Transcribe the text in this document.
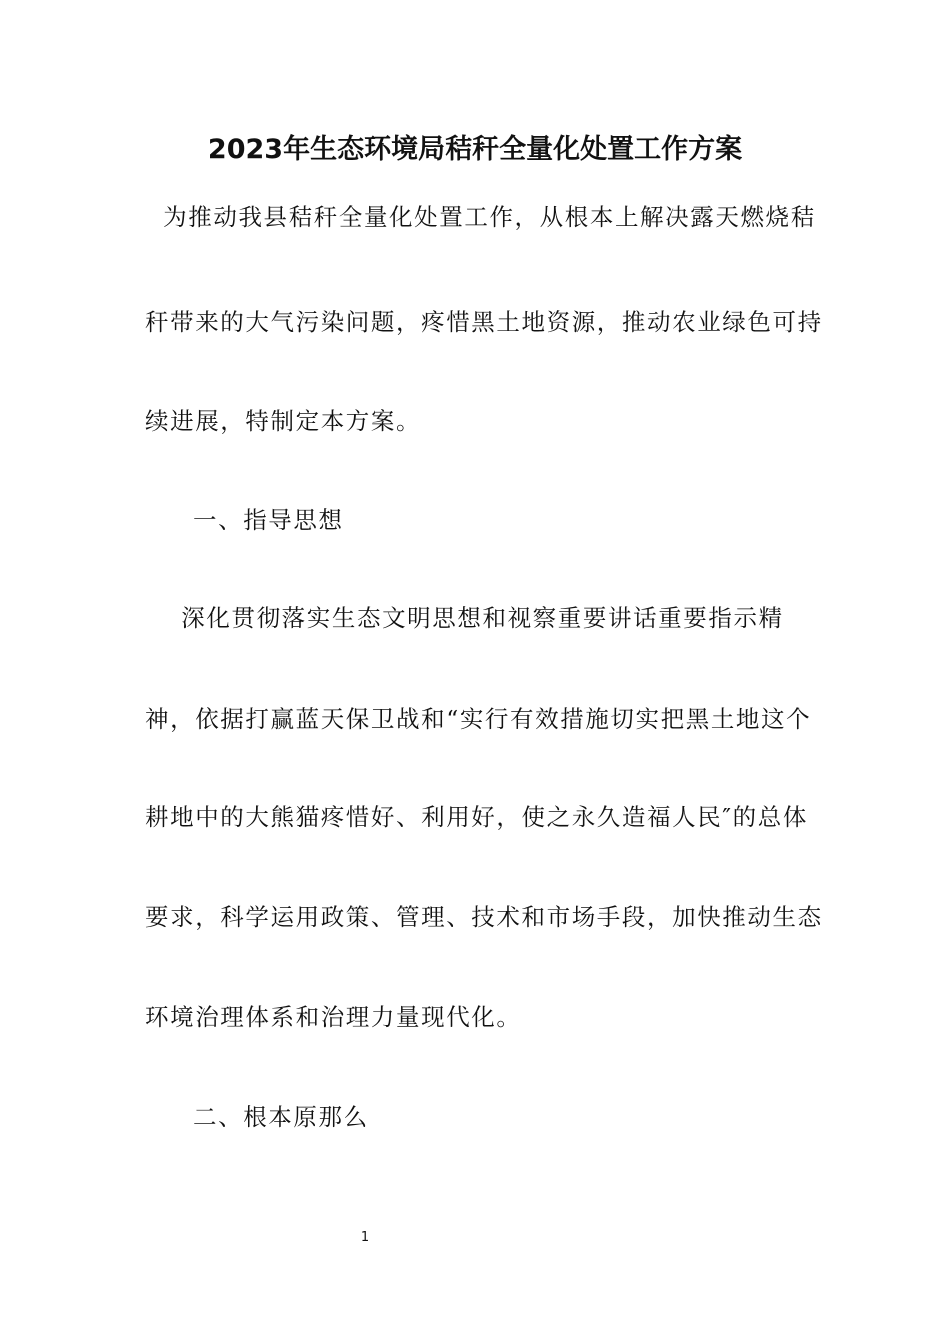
2023年生态环境局秸秆全量化处置工作方案
为推动我县秸秆全量化处置工作，从根本上解决露天燃烧秸
秆带来的大气污染问题，疼惜黑土地资源，推动农业绿色可持
续进展，特制定本方案。
一、指导思想
深化贯彻落实生态文明思想和视察重要讲话重要指示精
神，依据打赢蓝天保卫战和“实行有效措施切实把黑土地这个
耕地中的大熊猫疼惜好、利用好，使之永久造福人民″的总体
要求，科学运用政策、管理、技术和市场手段，加快推动生态
环境治理体系和治理力量现代化。
二、根本原那么
1
